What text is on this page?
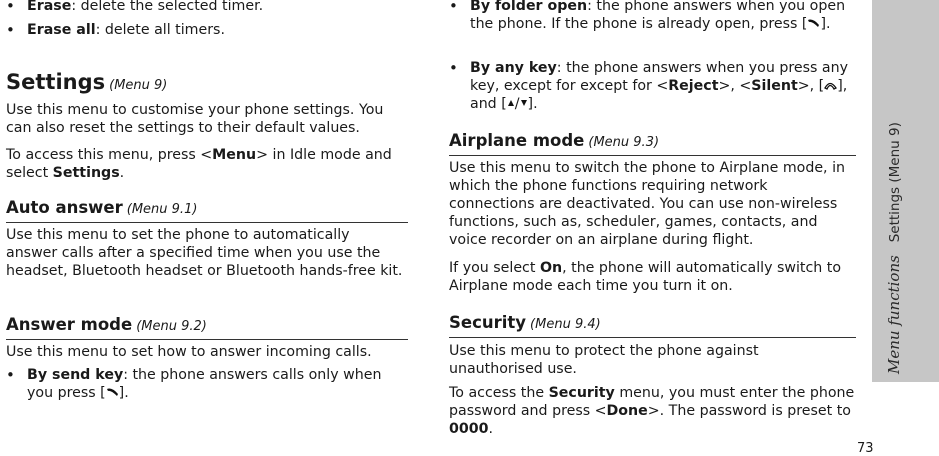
• Erase: delete the selected timer.

• Erase all: delete all timers.

Settings (Menu 9)

Use this menu to customise your phone settings. You can also reset the settings to their default values.

To access this menu, press <Menu> in Idle mode and select Settings.

Auto answer (Menu 9.1)

Use this menu to set the phone to automatically answer calls after a specified time when you use the headset, Bluetooth headset or Bluetooth hands-free kit.

Answer mode (Menu 9.2)

Use this menu to set how to answer incoming calls.

• By send key: the phone answers calls only when you press [ ].

• By folder open: the phone answers when you open the phone. If the phone is already open, press [ ].

• By any key: the phone answers when you press any key, except for except for <Reject>, <Silent>, [ ], and [ / ].

Airplane mode (Menu 9.3)

Use this menu to switch the phone to Airplane mode, in which the phone functions requiring network connections are deactivated. You can use non-wireless functions, such as, scheduler, games, contacts, and voice recorder on an airplane during flight.

If you select On, the phone will automatically switch to Airplane mode each time you turn it on.

Security (Menu 9.4)

Use this menu to protect the phone against unauthorised use.

To access the Security menu, you must enter the phone password and press <Done>. The password is preset to 0000.

Menu functions   Settings (Menu 9)
73
